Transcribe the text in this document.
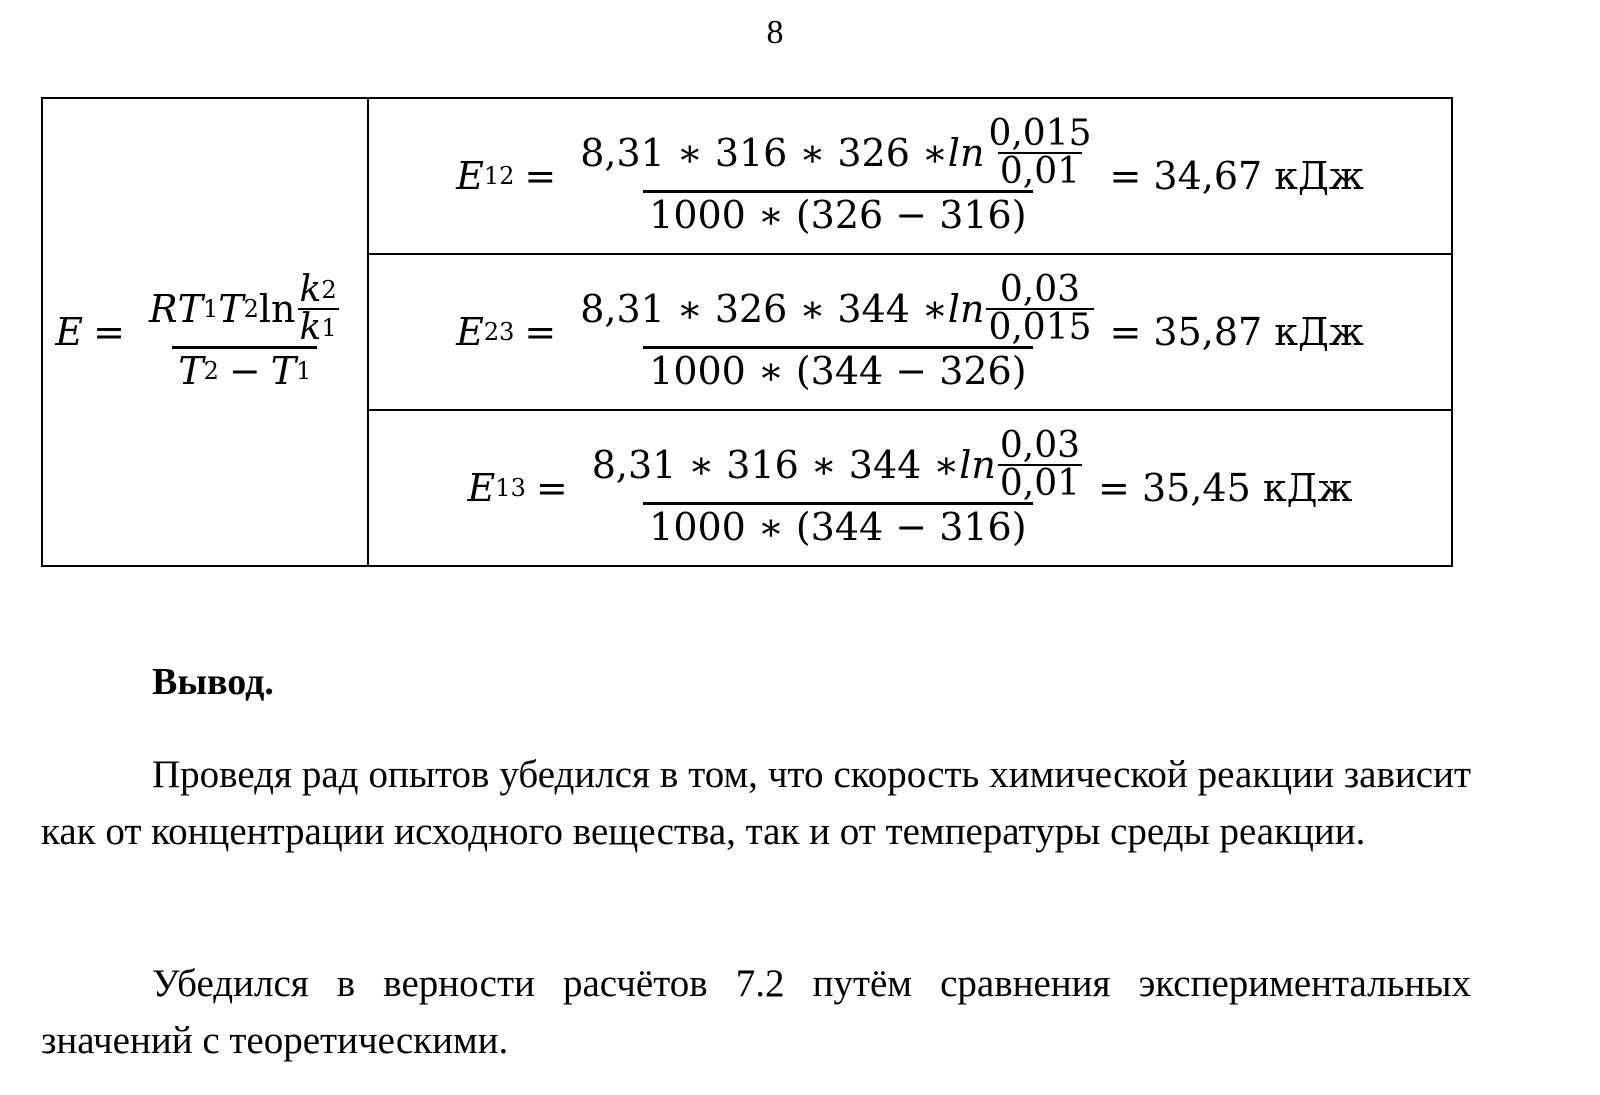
8
$E = \frac{R T 1 T 2 \ln \frac{k 2}{k 1}}{T 2 - T 1}$

E 12 =
8,31 ∗ 316 ∗ 326 ∗ $\ln \frac{0,015}{0,01}$
1000 ∗ (326 − 316)
= 34,67 кДж

E 23 =
8,31 ∗ 326 ∗ 344 ∗ $\ln \frac{0,03}{0,015}$
1000 ∗ (344 − 326)
= 35,87 кДж

E 13 =
8,31 ∗ 316 ∗ 344 ∗ $\ln \frac{0,03}{0,01}$
1000 ∗ (344 − 316)
= 35,45 кДж
Вывод.

Проведя рад опытов убедился в том, что скорость химической реакции зависит как от концентрации исходного вещества, так и от температуры среды реакции.

Убедился в верности расчётов 7.2 путём сравнения экспериментальных значений с теоретическими.
